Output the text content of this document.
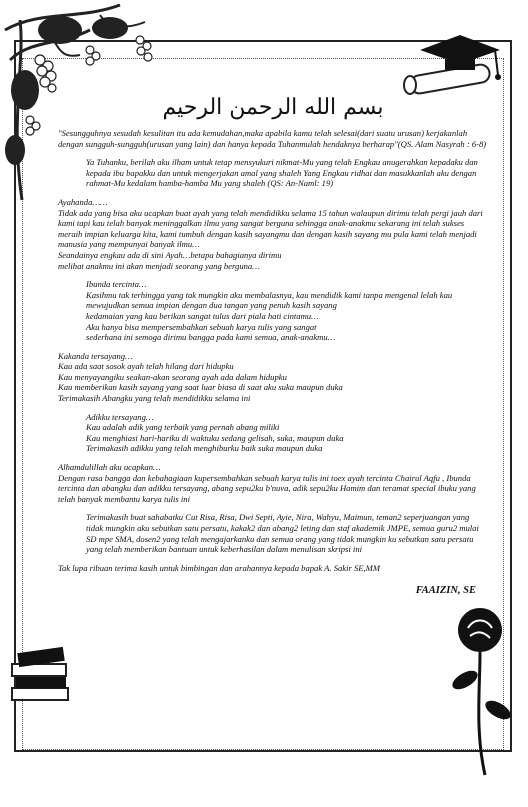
بسم الله الرحمن الرحيم

"Sesungguhnya sesudah kesulitan itu ada kemudahan,maka apabila kamu telah selesai(dari suatu urusan) kerjakanlah dengan sungguh-sungguh(urusan yang lain) dan hanya kepada Tuhanmulah hendaknya berharap"(QS. Alam Nasyrah : 6-8)

Ya Tuhanku, berilah aku ilham untuk tetap mensyukuri nikmat-Mu yang telah Engkau anugerahkan kepadaku dan kepada ibu bapakku dan untuk mengerjakan amal yang shaleh Yang Engkau ridhai dan masukkanlah aku dengan rahmat-Mu kedalam hamba-hamba Mu yang shaleh (QS: An-Naml: 19)

Ayahanda……

Tidak ada yang bisa aku ucapkan buat ayah yang telah mendidikku selama 15 tahun walaupun dirimu telah pergi jauh dari kami tapi kau telah banyak meninggalkan ilmu yang sangat berguna sehingga anak-anakmu sekarang ini telah sukses meraih impian keluarga kita, kami tumbuh dengan kasih sayangmu dan dengan kasih sayang mu pula kami telah menjadi manusia yang mempunyai banyak ilmu…

Seandainya engkau ada di sini Ayah…betapa bahagianya dirimu

melihat anakmu ini akan menjadi seorang yang berguna…

Ibunda tercinta…

Kasihmu tak terhingga yang tak mungkin aku membalasnya, kau mendidik kami tanpa mengenal lelah kau mewujudkan semua impian dengan dua tangan yang penuh kasih sayang

kedamaian yang kau berikan sangat tulus dari piala hati cintamu…

Aku hanya bisa mempersembahkan sebuah karya tulis yang sangat

sederhana ini semoga dirimu bangga pada kami semua, anak-anakmu…

Kakanda tersayang…

Kau ada saat sosok ayah telah hilang dari hidupku

Kau menyayangiku seakan-akan seorang ayah ada dalam hidupku

Kau memberikan kasih sayang yang saat luar biasa di saat aku suka maupun duka

Terimakasih Abangku yang telah mendidikku selama ini

Adikku tersayang…

Kau adalah adik yang terbaik yang pernah abang miliki

Kau menghiasi hari-hariku di waktuku sedang gelisah, suka, maupun duka

Terimakasih adikku yang telah menghiburku baik suka maupun duka

Alhamdulillah aku ucapkan…

Dengan rasa bangga dan kebahagiaan kupersembahkan sebuah karya tulis ini toex ayah tercinta Chairul Aqfu , Ibunda tercinta dan abangku dan adikku tersayang, abang sepu2ku b'nuva, adik sepu2ku Hamim dan teramat special ibuku yang telah banyak membantu karya tulis ini

Terimakasih buat sahabatku Cut Risa, Risa, Dwi Septi, Ayie, Nira, Wahyu, Maimun, teman2 seperjuangan yang tidak mungkin aku sebutkan satu persatu, kakak2 dan abang2 leting dan staf akademik JMPE, semua guru2 mulai SD mpe SMA, dosen2 yang telah mengajarkanku dan semua orang yang tidak mungkin ku sebutkan satu persatu yang telah memberikan bantuan untuk keberhasilan dalam menulisan skripsi ini

Tak lupa ribuan terima kasih untuk bimbingan dan arahannya kepada bapak A. Sakir SE,MM

FAAIZIN, SE
